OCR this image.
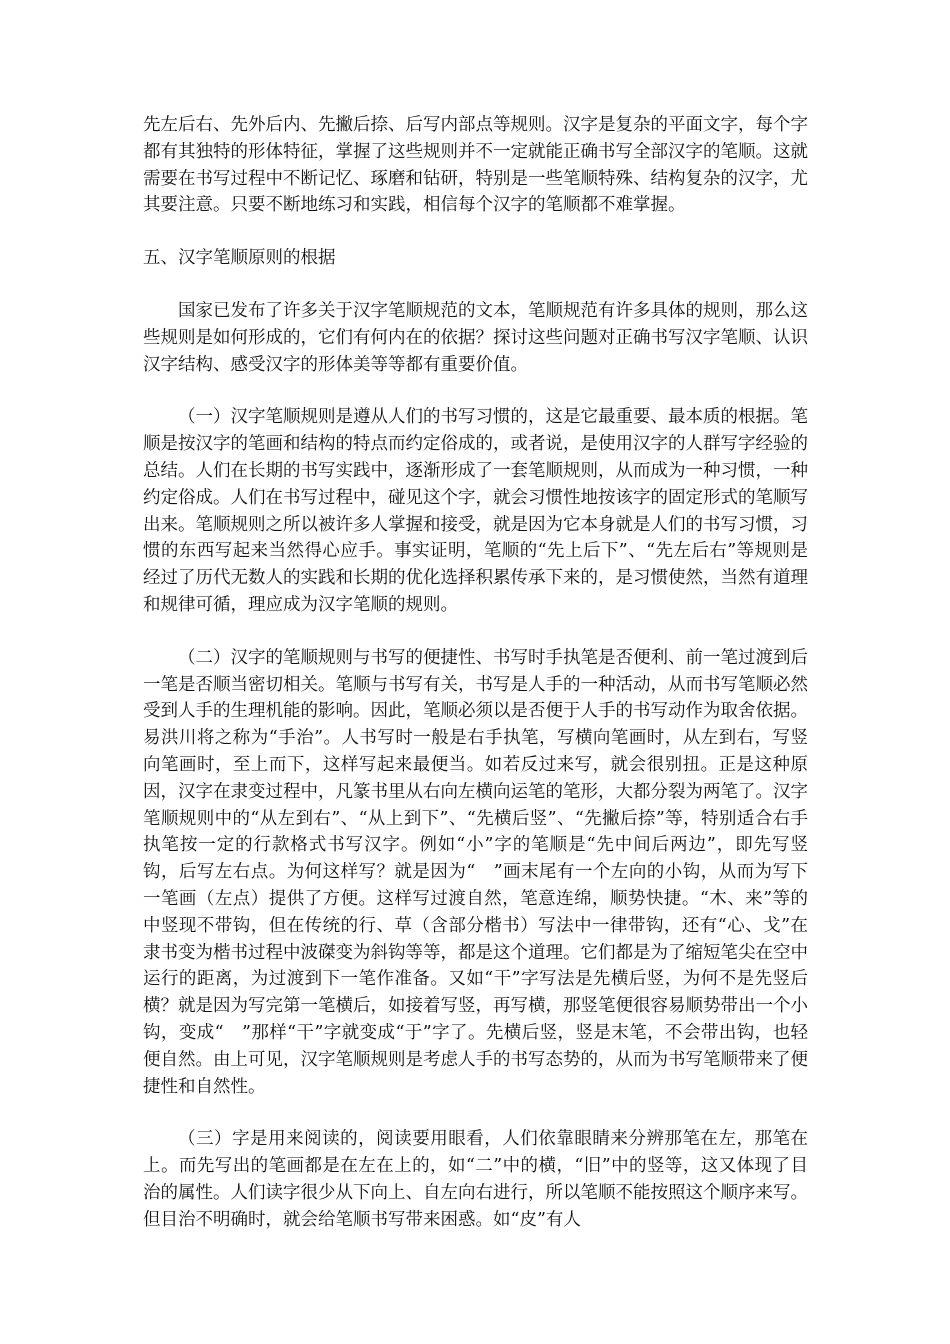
先左后右、先外后内、先撇后捺、后写内部点等规则。汉字是复杂的平面文字，每个字都有其独特的形体特征，掌握了这些规则并不一定就能正确书写全部汉字的笔顺。这就需要在书写过程中不断记忆、琢磨和钻研，特别是一些笔顺特殊、结构复杂的汉字，尤其要注意。只要不断地练习和实践，相信每个汉字的笔顺都不难掌握。

五、汉字笔顺原则的根据

国家已发布了许多关于汉字笔顺规范的文本，笔顺规范有许多具体的规则，那么这些规则是如何形成的，它们有何内在的依据？探讨这些问题对正确书写汉字笔顺、认识汉字结构、感受汉字的形体美等等都有重要价值。

（一）汉字笔顺规则是遵从人们的书写习惯的，这是它最重要、最本质的根据。笔顺是按汉字的笔画和结构的特点而约定俗成的，或者说，是使用汉字的人群写字经验的总结。人们在长期的书写实践中，逐渐形成了一套笔顺规则，从而成为一种习惯，一种约定俗成。人们在书写过程中，碰见这个字，就会习惯性地按该字的固定形式的笔顺写出来。笔顺规则之所以被许多人掌握和接受，就是因为它本身就是人们的书写习惯，习惯的东西写起来当然得心应手。事实证明，笔顺的“先上后下”、“先左后右”等规则是经过了历代无数人的实践和长期的优化选择积累传承下来的，是习惯使然，当然有道理和规律可循，理应成为汉字笔顺的规则。

（二）汉字的笔顺规则与书写的便捷性、书写时手执笔是否便利、前一笔过渡到后一笔是否顺当密切相关。笔顺与书写有关，书写是人手的一种活动，从而书写笔顺必然受到人手的生理机能的影响。因此，笔顺必须以是否便于人手的书写动作为取舍依据。易洪川将之称为“手治”。人书写时一般是右手执笔，写横向笔画时，从左到右，写竖向笔画时，至上而下，这样写起来最便当。如若反过来写，就会很别扭。正是这种原因，汉字在隶变过程中，凡篆书里从右向左横向运笔的笔形，大都分裂为两笔了。汉字笔顺规则中的“从左到右”、“从上到下”、“先横后竖”、“先撇后捺”等，特别适合右手执笔按一定的行款格式书写汉字。例如“小”字的笔顺是“先中间后两边”，即先写竖钩，后写左右点。为何这样写？就是因为“　”画末尾有一个左向的小钩，从而为写下一笔画（左点）提供了方便。这样写过渡自然，笔意连绵，顺势快捷。“木、来”等的中竖现不带钩，但在传统的行、草（含部分楷书）写法中一律带钩，还有“心、戈”在隶书变为楷书过程中波磔变为斜钩等等，都是这个道理。它们都是为了缩短笔尖在空中运行的距离，为过渡到下一笔作准备。又如“干”字写法是先横后竖，为何不是先竖后横？就是因为写完第一笔横后，如接着写竖，再写横，那竖笔便很容易顺势带出一个小钩，变成“　”那样“干”字就变成“于”字了。先横后竖，竖是末笔，不会带出钩，也轻便自然。由上可见，汉字笔顺规则是考虑人手的书写态势的，从而为书写笔顺带来了便捷性和自然性。

（三）字是用来阅读的，阅读要用眼看，人们依靠眼睛来分辨那笔在左，那笔在上。而先写出的笔画都是在左在上的，如“二”中的横，“旧”中的竖等，这又体现了目治的属性。人们读字很少从下向上、自左向右进行，所以笔顺不能按照这个顺序来写。但目治不明确时，就会给笔顺书写带来困惑。如“皮”有人
